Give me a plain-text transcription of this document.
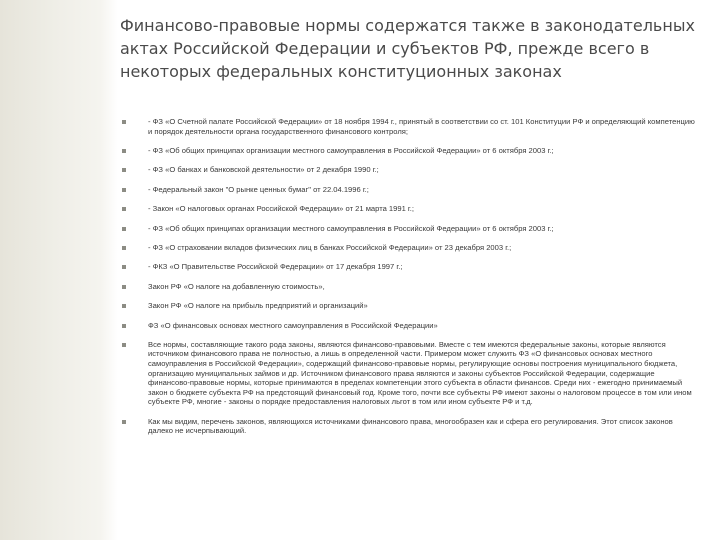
Финансово-правовые нормы содержатся также в законодательных актах Российской Федерации и субъектов РФ, прежде всего в некоторых федеральных конституционных законах
- ФЗ «О Счетной палате Российской Федерации» от 18 ноября 1994 г., принятый в соответствии со ст. 101 Конституции РФ и определяющий компетенцию и порядок деятельности органа государственного финансового контроля;
- ФЗ «Об общих принципах организации местного самоуправления в Российской Федерации» от 6 октября 2003 г.;
- ФЗ «О банках и банковской деятельности» от 2 декабря 1990 г.;
- Федеральный закон "О рынке ценных бумаг" от 22.04.1996 г.;
- Закон «О налоговых органах Российской Федерации» от 21 марта 1991 г.;
- ФЗ «Об общих принципах организации местного самоуправления в Российской Федерации» от 6 октября 2003 г.;
- ФЗ «О страховании вкладов физических лиц в банках Российской Федерации» от 23 декабря 2003 г.;
- ФКЗ «О Правительстве Российской Федерации» от 17 декабря 1997 г.;
Закон РФ «О налоге на добавленную стоимость»,
Закон РФ «О налоге на прибыль предприятий и организаций»
ФЗ «О финансовых основах местного самоуправления в Российской Федерации»
Все нормы, составляющие такого рода законы, являются финансово-правовыми. Вместе с тем имеются федеральные законы, которые являются источником финансового права не полностью, а лишь в определенной части. Примером может служить ФЗ «О финансовых основах местного самоуправления в Российской Федерации», содержащий финансово-правовые нормы, регулирующие основы построения муниципального бюджета, организацию муниципальных займов и др. Источником финансового права являются и законы субъектов Российской Федерации, содержащие финансово-правовые нормы, которые принимаются в пределах компетенции этого субъекта в области финансов. Среди них - ежегодно принимаемый закон о бюджете субъекта РФ на предстоящий финансовый год. Кроме того, почти все субъекты РФ имеют законы о налоговом процессе в том или ином субъекте РФ, многие - законы о порядке предоставления налоговых льгот в том или ином субъекте РФ и т.д.
Как мы видим, перечень законов, являющихся источниками финансового права, многообразен как и сфера его регулирования. Этот список законов далеко не исчерпывающий.
